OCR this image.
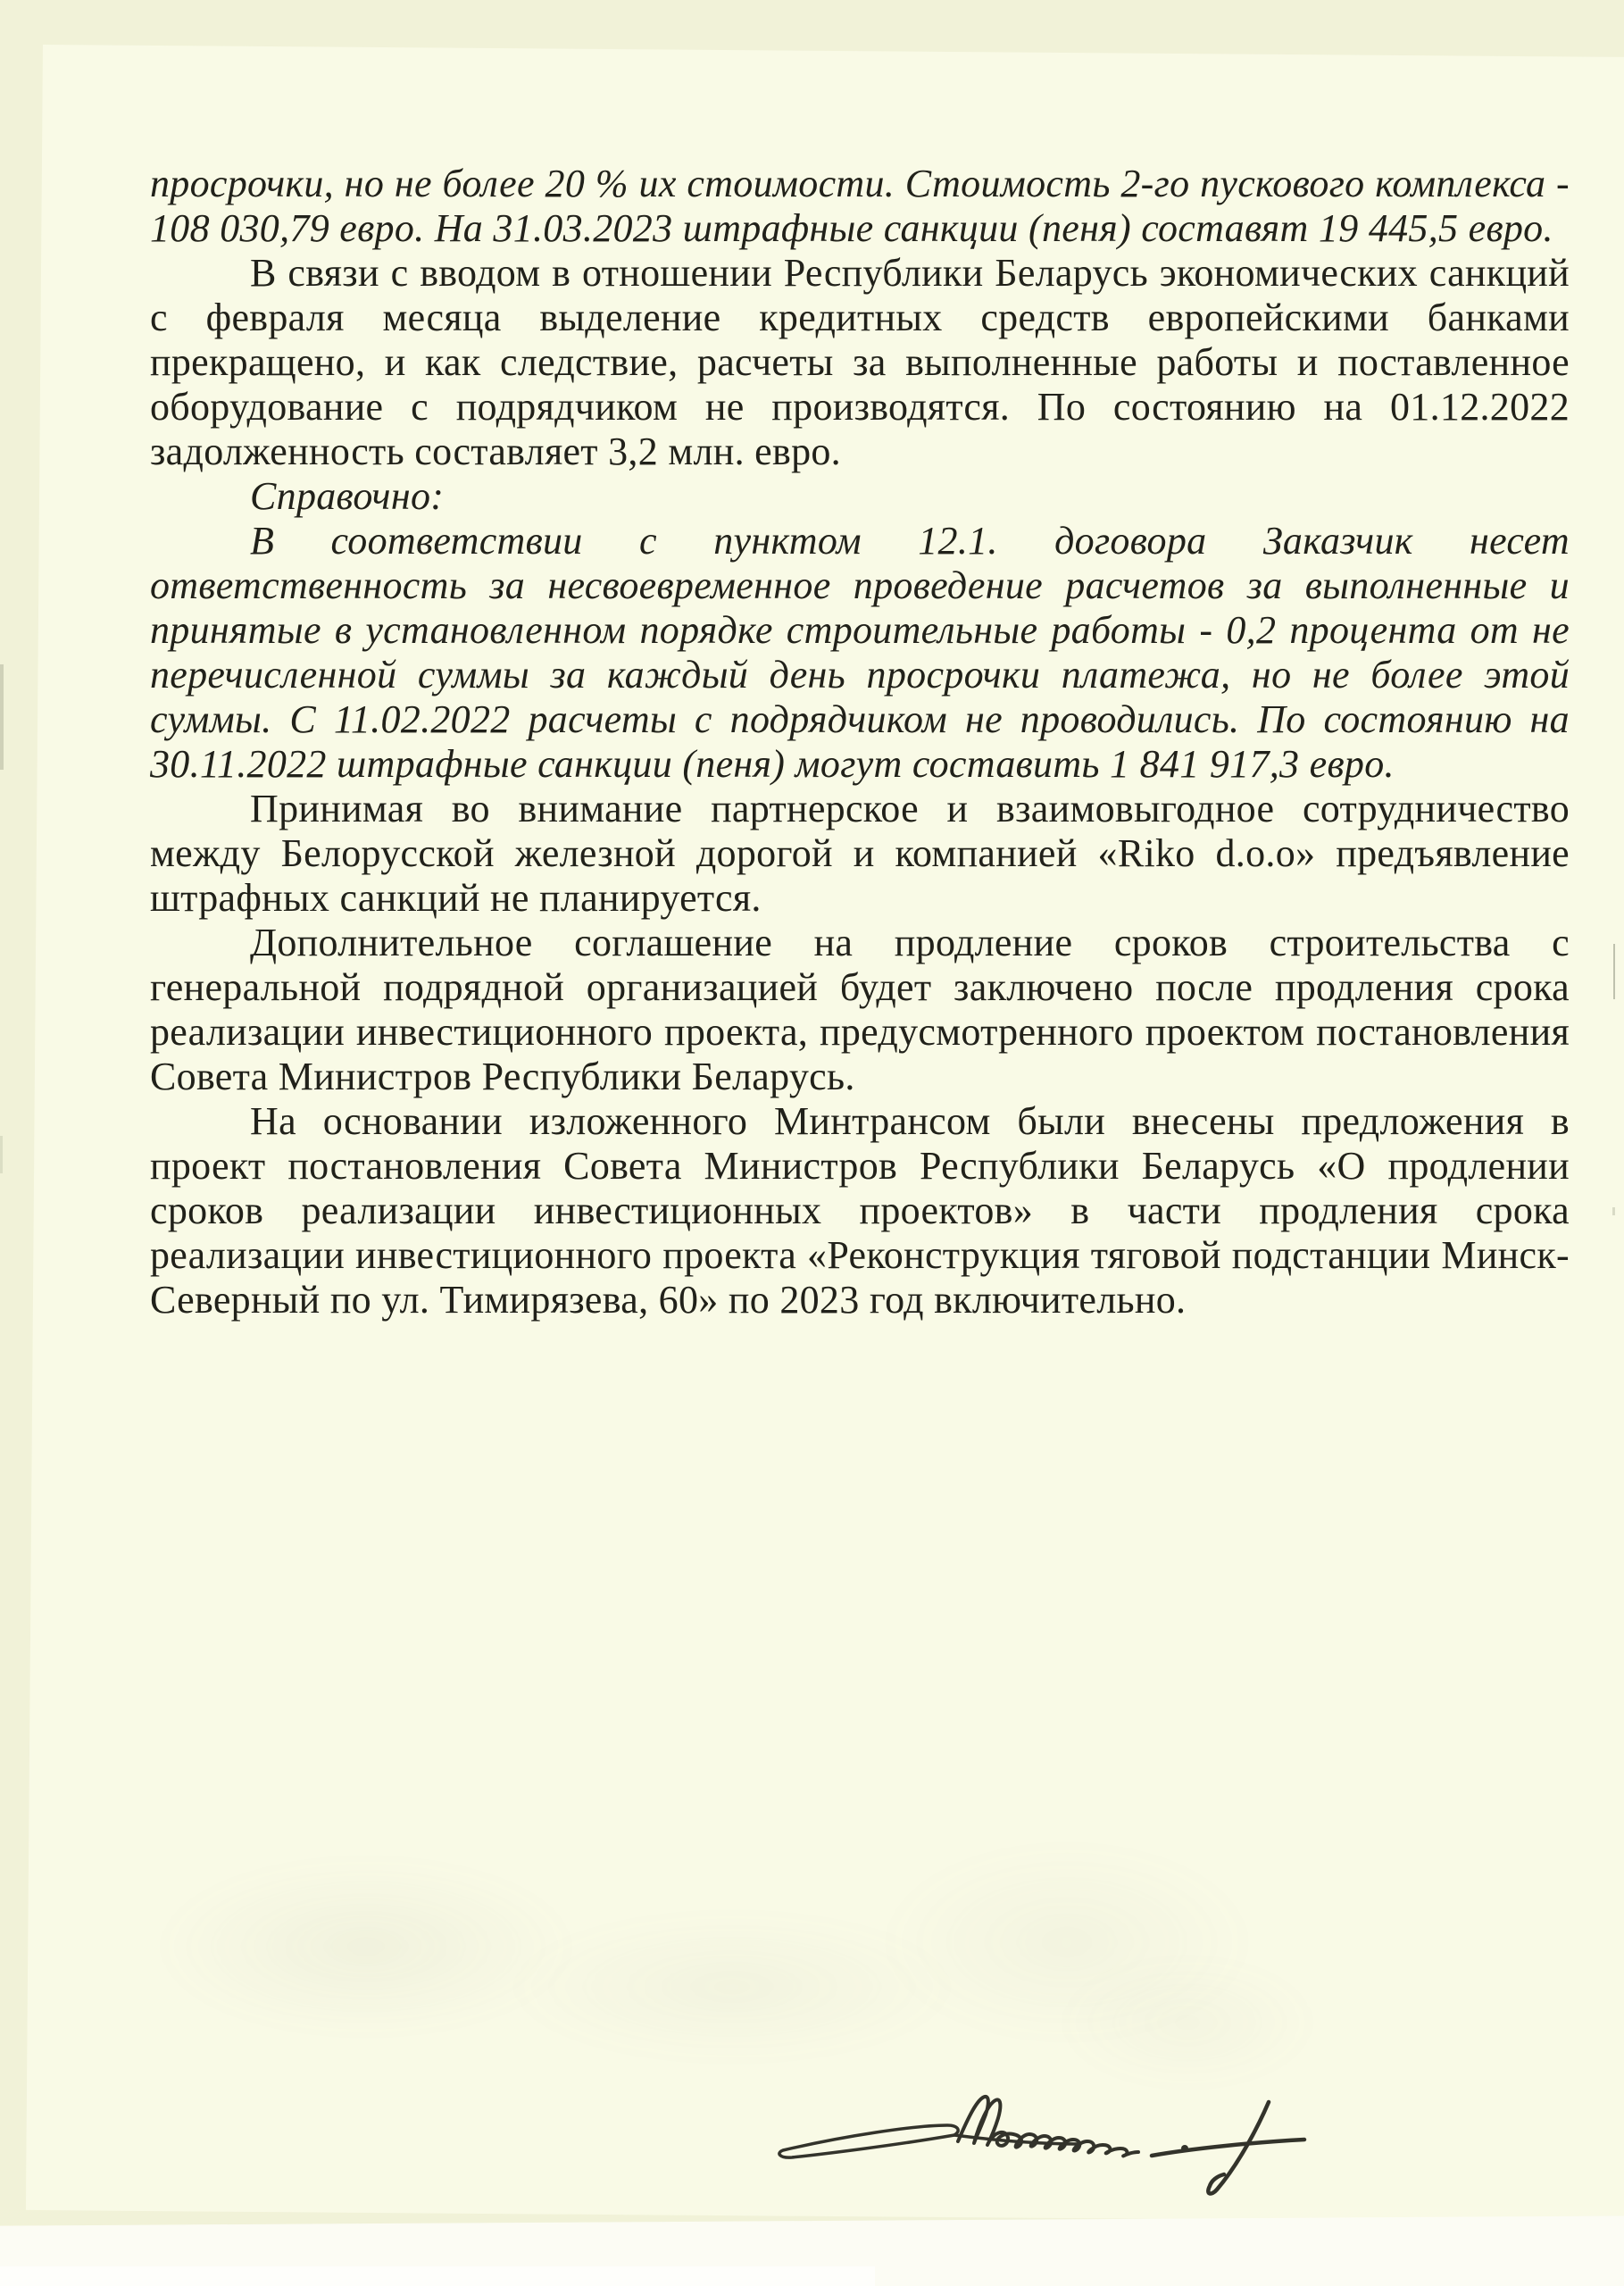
просрочки, но не более 20 % их стоимости. Стоимость 2-го пускового комплекса - 108 030,79 евро. На 31.03.2023 штрафные санкции (пеня) составят 19 445,5 евро.

В связи с вводом в отношении Республики Беларусь экономических санкций с февраля месяца выделение кредитных средств европейскими банками прекращено, и как следствие, расчеты за выполненные работы и поставленное оборудование с подрядчиком не производятся. По состоянию на 01.12.2022 задолженность составляет 3,2 млн. евро.

Справочно:

В соответствии с пунктом 12.1. договора Заказчик несет ответственность за несвоевременное проведение расчетов за выполненные и принятые в установленном порядке строительные работы - 0,2 процента от не перечисленной суммы за каждый день просрочки платежа, но не более этой суммы. С 11.02.2022 расчеты с подрядчиком не проводились. По состоянию на 30.11.2022 штрафные санкции (пеня) могут составить 1 841 917,3 евро.

Принимая во внимание партнерское и взаимовыгодное сотрудничество между Белорусской железной дорогой и компанией «Riko d.o.o» предъявление штрафных санкций не планируется.

Дополнительное соглашение на продление сроков строительства с генеральной подрядной организацией будет заключено после продления срока реализации инвестиционного проекта, предусмотренного проектом постановления Совета Министров Республики Беларусь.

На основании изложенного Минтрансом были внесены предложения в проект постановления Совета Министров Республики Беларусь «О продлении сроков реализации инвестиционных проектов» в части продления срока реализации инвестиционного проекта «Реконструкция тяговой подстанции Минск-Северный по ул. Тимирязева, 60» по 2023 год включительно.
